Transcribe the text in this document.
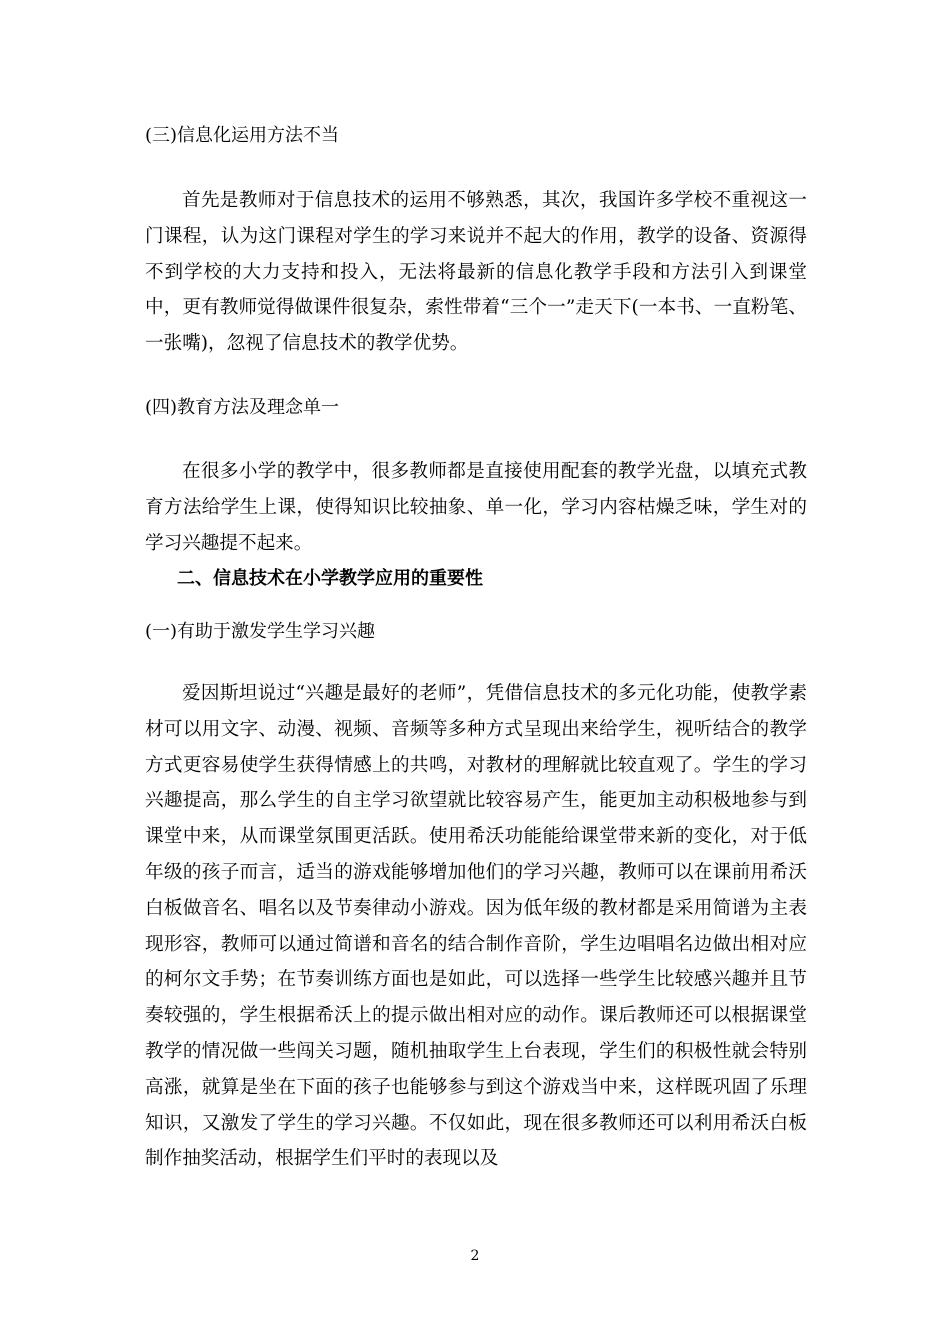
(三)信息化运用方法不当

首先是教师对于信息技术的运用不够熟悉，其次，我国许多学校不重视这一门课程，认为这门课程对学生的学习来说并不起大的作用，教学的设备、资源得不到学校的大力支持和投入，无法将最新的信息化教学手段和方法引入到课堂中，更有教师觉得做课件很复杂，索性带着“三个一”走天下(一本书、一直粉笔、一张嘴)，忽视了信息技术的教学优势。

(四)教育方法及理念单一

在很多小学的教学中，很多教师都是直接使用配套的教学光盘，以填充式教育方法给学生上课，使得知识比较抽象、单一化，学习内容枯燥乏味，学生对的学习兴趣提不起来。

二、信息技术在小学教学应用的重要性
(一)有助于激发学生学习兴趣

爱因斯坦说过“兴趣是最好的老师”，凭借信息技术的多元化功能，使教学素材可以用文字、动漫、视频、音频等多种方式呈现出来给学生，视听结合的教学方式更容易使学生获得情感上的共鸣，对教材的理解就比较直观了。学生的学习兴趣提高，那么学生的自主学习欲望就比较容易产生，能更加主动积极地参与到课堂中来，从而课堂氛围更活跃。使用希沃功能能给课堂带来新的变化，对于低年级的孩子而言，适当的游戏能够增加他们的学习兴趣，教师可以在课前用希沃白板做音名、唱名以及节奏律动小游戏。因为低年级的教材都是采用简谱为主表现形容，教师可以通过简谱和音名的结合制作音阶，学生边唱唱名边做出相对应的柯尔文手势；在节奏训练方面也是如此，可以选择一些学生比较感兴趣并且节奏较强的，学生根据希沃上的提示做出相对应的动作。课后教师还可以根据课堂教学的情况做一些闯关习题，随机抽取学生上台表现，学生们的积极性就会特别高涨，就算是坐在下面的孩子也能够参与到这个游戏当中来，这样既巩固了乐理知识，又激发了学生的学习兴趣。不仅如此，现在很多教师还可以利用希沃白板制作抽奖活动，根据学生们平时的表现以及

2
